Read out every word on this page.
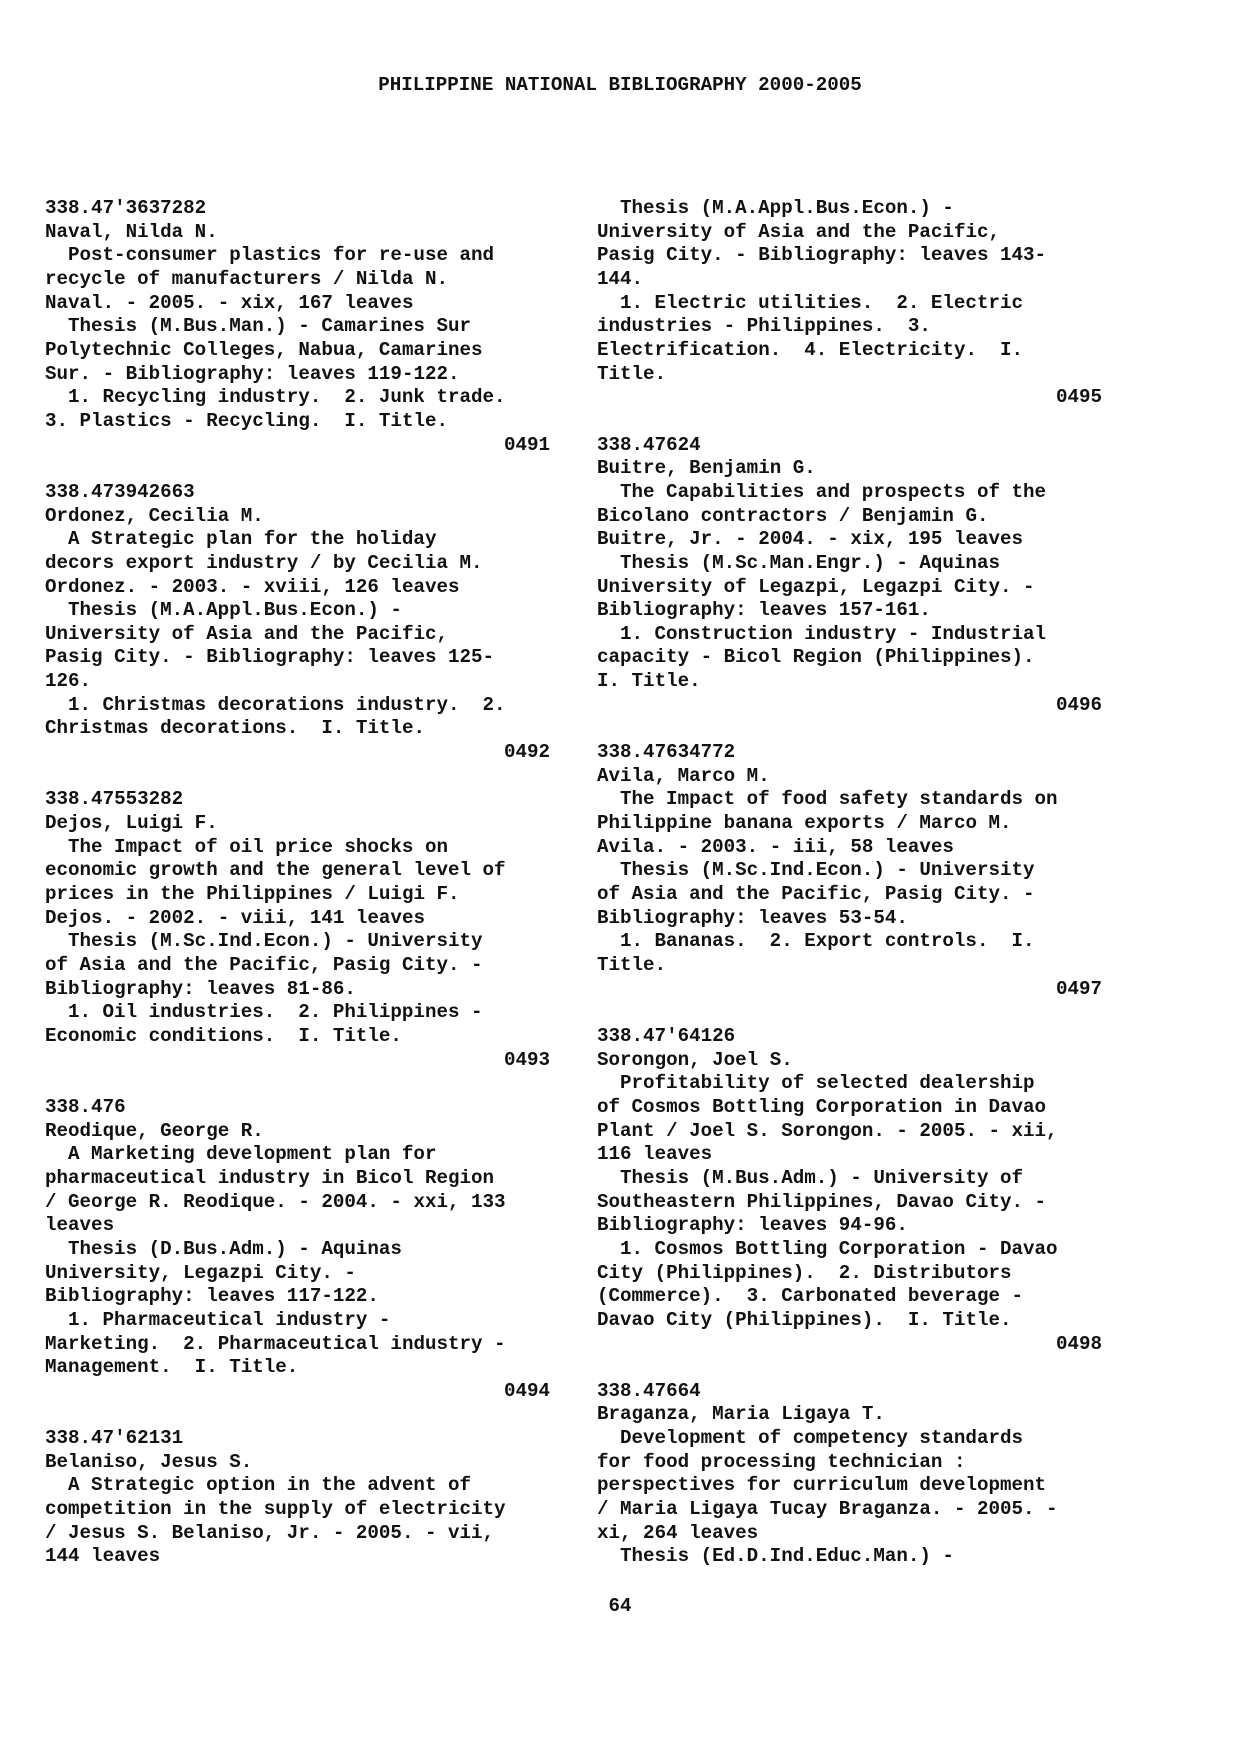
PHILIPPINE NATIONAL BIBLIOGRAPHY 2000-2005
338.47'3637282
Naval, Nilda N.
Post-consumer plastics for re-use and
recycle of manufacturers / Nilda N.
Naval. - 2005. - xix, 167 leaves
Thesis (M.Bus.Man.) - Camarines Sur
Polytechnic Colleges, Nabua, Camarines
Sur. - Bibliography: leaves 119-122.
1. Recycling industry.  2. Junk trade.
3. Plastics - Recycling.  I. Title.
0491
338.473942663
Ordonez, Cecilia M.
A Strategic plan for the holiday
decors export industry / by Cecilia M.
Ordonez. - 2003. - xviii, 126 leaves
Thesis (M.A.Appl.Bus.Econ.) -
University of Asia and the Pacific,
Pasig City. - Bibliography: leaves 125-
126.
1. Christmas decorations industry.  2.
Christmas decorations.  I. Title.
0492
338.47553282
Dejos, Luigi F.
The Impact of oil price shocks on
economic growth and the general level of
prices in the Philippines / Luigi F.
Dejos. - 2002. - viii, 141 leaves
Thesis (M.Sc.Ind.Econ.) - University
of Asia and the Pacific, Pasig City. -
Bibliography: leaves 81-86.
1. Oil industries.  2. Philippines -
Economic conditions.  I. Title.
0493
338.476
Reodique, George R.
A Marketing development plan for
pharmaceutical industry in Bicol Region
/ George R. Reodique. - 2004. - xxi, 133
leaves
Thesis (D.Bus.Adm.) - Aquinas
University, Legazpi City. -
Bibliography: leaves 117-122.
1. Pharmaceutical industry -
Marketing.  2. Pharmaceutical industry -
Management.  I. Title.
0494
338.47'62131
Belaniso, Jesus S.
A Strategic option in the advent of
competition in the supply of electricity
/ Jesus S. Belaniso, Jr. - 2005. - vii,
144 leaves
Thesis (M.A.Appl.Bus.Econ.) -
University of Asia and the Pacific,
Pasig City. - Bibliography: leaves 143-
144.
1. Electric utilities.  2. Electric
industries - Philippines.  3.
Electrification.  4. Electricity.  I.
Title.
0495
338.47624
Buitre, Benjamin G.
The Capabilities and prospects of the
Bicolano contractors / Benjamin G.
Buitre, Jr. - 2004. - xix, 195 leaves
Thesis (M.Sc.Man.Engr.) - Aquinas
University of Legazpi, Legazpi City. -
Bibliography: leaves 157-161.
1. Construction industry - Industrial
capacity - Bicol Region (Philippines).
I. Title.
0496
338.47634772
Avila, Marco M.
The Impact of food safety standards on
Philippine banana exports / Marco M.
Avila. - 2003. - iii, 58 leaves
Thesis (M.Sc.Ind.Econ.) - University
of Asia and the Pacific, Pasig City. -
Bibliography: leaves 53-54.
1. Bananas.  2. Export controls.  I.
Title.
0497
338.47'64126
Sorongon, Joel S.
Profitability of selected dealership
of Cosmos Bottling Corporation in Davao
Plant / Joel S. Sorongon. - 2005. - xii,
116 leaves
Thesis (M.Bus.Adm.) - University of
Southeastern Philippines, Davao City. -
Bibliography: leaves 94-96.
1. Cosmos Bottling Corporation - Davao
City (Philippines).  2. Distributors
(Commerce).  3. Carbonated beverage -
Davao City (Philippines).  I. Title.
0498
338.47664
Braganza, Maria Ligaya T.
Development of competency standards
for food processing technician :
perspectives for curriculum development
/ Maria Ligaya Tucay Braganza. - 2005. -
xi, 264 leaves
Thesis (Ed.D.Ind.Educ.Man.) -
64
